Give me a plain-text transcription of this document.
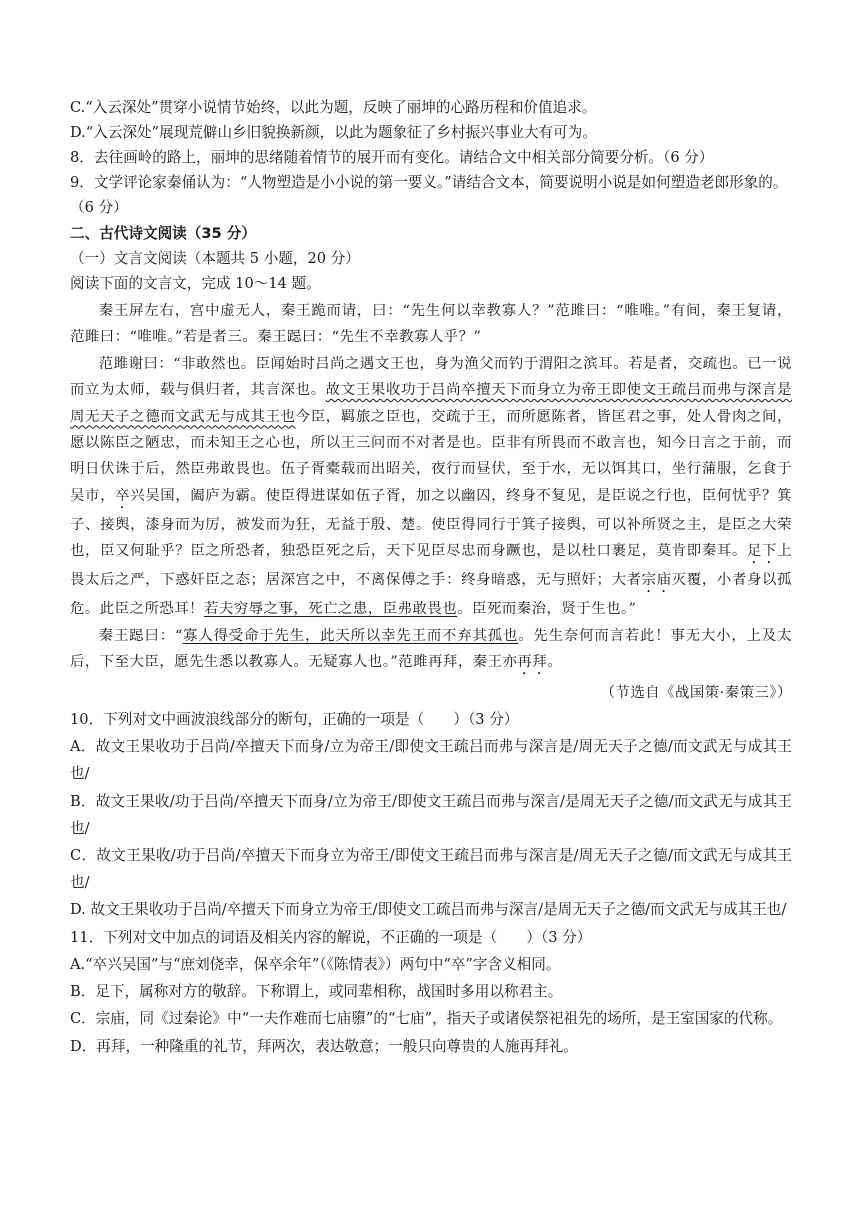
C.“入云深处”贯穿小说情节始终，以此为题，反映了丽坤的心路历程和价值追求。
D.“入云深处”展现荒僻山乡旧貌换新颜，以此为题象征了乡村振兴事业大有可为。
8．去往画岭的路上，丽坤的思绪随着情节的展开而有变化。请结合文中相关部分简要分析。（6 分）
9．文学评论家秦俑认为：“人物塑造是小小说的第一要义。”请结合文本，简要说明小说是如何塑造老郎形象的。（6 分）
二、古代诗文阅读（35 分）
（一）文言文阅读（本题共 5 小题，20 分）
阅读下面的文言文，完成 10～14 题。

秦王屏左右，宫中虚无人，秦王跪而请，曰：“先生何以幸教寡人？”范雎曰：“唯唯。”有间，秦王复请，范雎曰：“唯唯。”若是者三。秦王跽曰：“先生不幸教寡人乎？”

范雎谢曰：“非敢然也。臣闻始时吕尚之遇文王也，身为渔父而钓于渭阳之滨耳。若是者，交疏也。已一说而立为太师，载与俱归者，其言深也。故文王果收功于吕尚卒擅天下而身立为帝王即使文王疏吕而弗与深言是周无天子之德而文武无与成其王也今臣，羁旅之臣也，交疏于王，而所愿陈者，皆匡君之事，处人骨肉之间，愿以陈臣之陋忠，而未知王之心也，所以王三问而不对者是也。臣非有所畏而不敢言也，知今日言之于前，而明日伏诛于后，然臣弗敢畏也。伍子胥橐载而出昭关，夜行而昼伏，至于水，无以饵其口，坐行蒲服，乞食于吴市，卒兴吴国，阖庐为霸。使臣得进谋如伍子胥，加之以幽囚，终身不复见，是臣说之行也，臣何忧乎？箕子、接舆，漆身而为厉，被发而为狂，无益于殷、楚。使臣得同行于箕子接舆，可以补所贤之主，是臣之大荣也，臣又何耻乎？臣之所恐者，独恐臣死之后，天下见臣尽忠而身蹶也，是以杜口裹足，莫肯即秦耳。足下上畏太后之严，下惑奸臣之态；居深宫之中，不离保傅之手：终身暗惑，无与照奸；大者宗庙灭覆，小者身以孤危。此臣之所恐耳！若夫穷辱之事，死亡之患，臣弗敢畏也。臣死而秦治，贤于生也。”

秦王跽曰：“寡人得受命于先生，此天所以幸先王而不弃其孤也。先生奈何而言若此！事无大小，上及太后，下至大臣，愿先生悉以教寡人。无疑寡人也。”范雎再拜，秦王亦再拜。

（节选自《战国策·秦策三》）
10．下列对文中画波浪线部分的断句，正确的一项是（　　）（3 分）
A．故文王果收功于吕尚/卒擅天下而身/立为帝王/即使文王疏吕而弗与深言是/周无天子之德/而文武无与成其王也/
B．故文王果收/功于吕尚/卒擅天下而身/立为帝王/即使文王疏吕而弗与深言/是周无天子之德/而文武无与成其王也/
C．故文王果收/功于吕尚/卒擅天下而身立为帝王/即使文王疏吕而弗与深言是/周无天子之德/而文武无与成其王也/
D. 故文王果收功于吕尚/卒擅天下而身立为帝王/即使文工疏吕而弗与深言/是周无天子之德/而文武无与成其王也/
11．下列对文中加点的词语及相关内容的解说，不正确的一项是（　　）（3 分）
A.“卒兴吴国”与“庶刘侥幸，保卒余年”（《陈情表》）两句中“卒”字含义相同。
B．足下，属称对方的敬辞。下称谓上，或同辈相称，战国时多用以称君主。
C．宗庙，同《过秦论》中“一夫作难而七庙隳”的“七庙”，指天子或诸侯祭祀祖先的场所，是王室国家的代称。
D．再拜，一种隆重的礼节，拜两次，表达敬意；一般只向尊贵的人施再拜礼。
